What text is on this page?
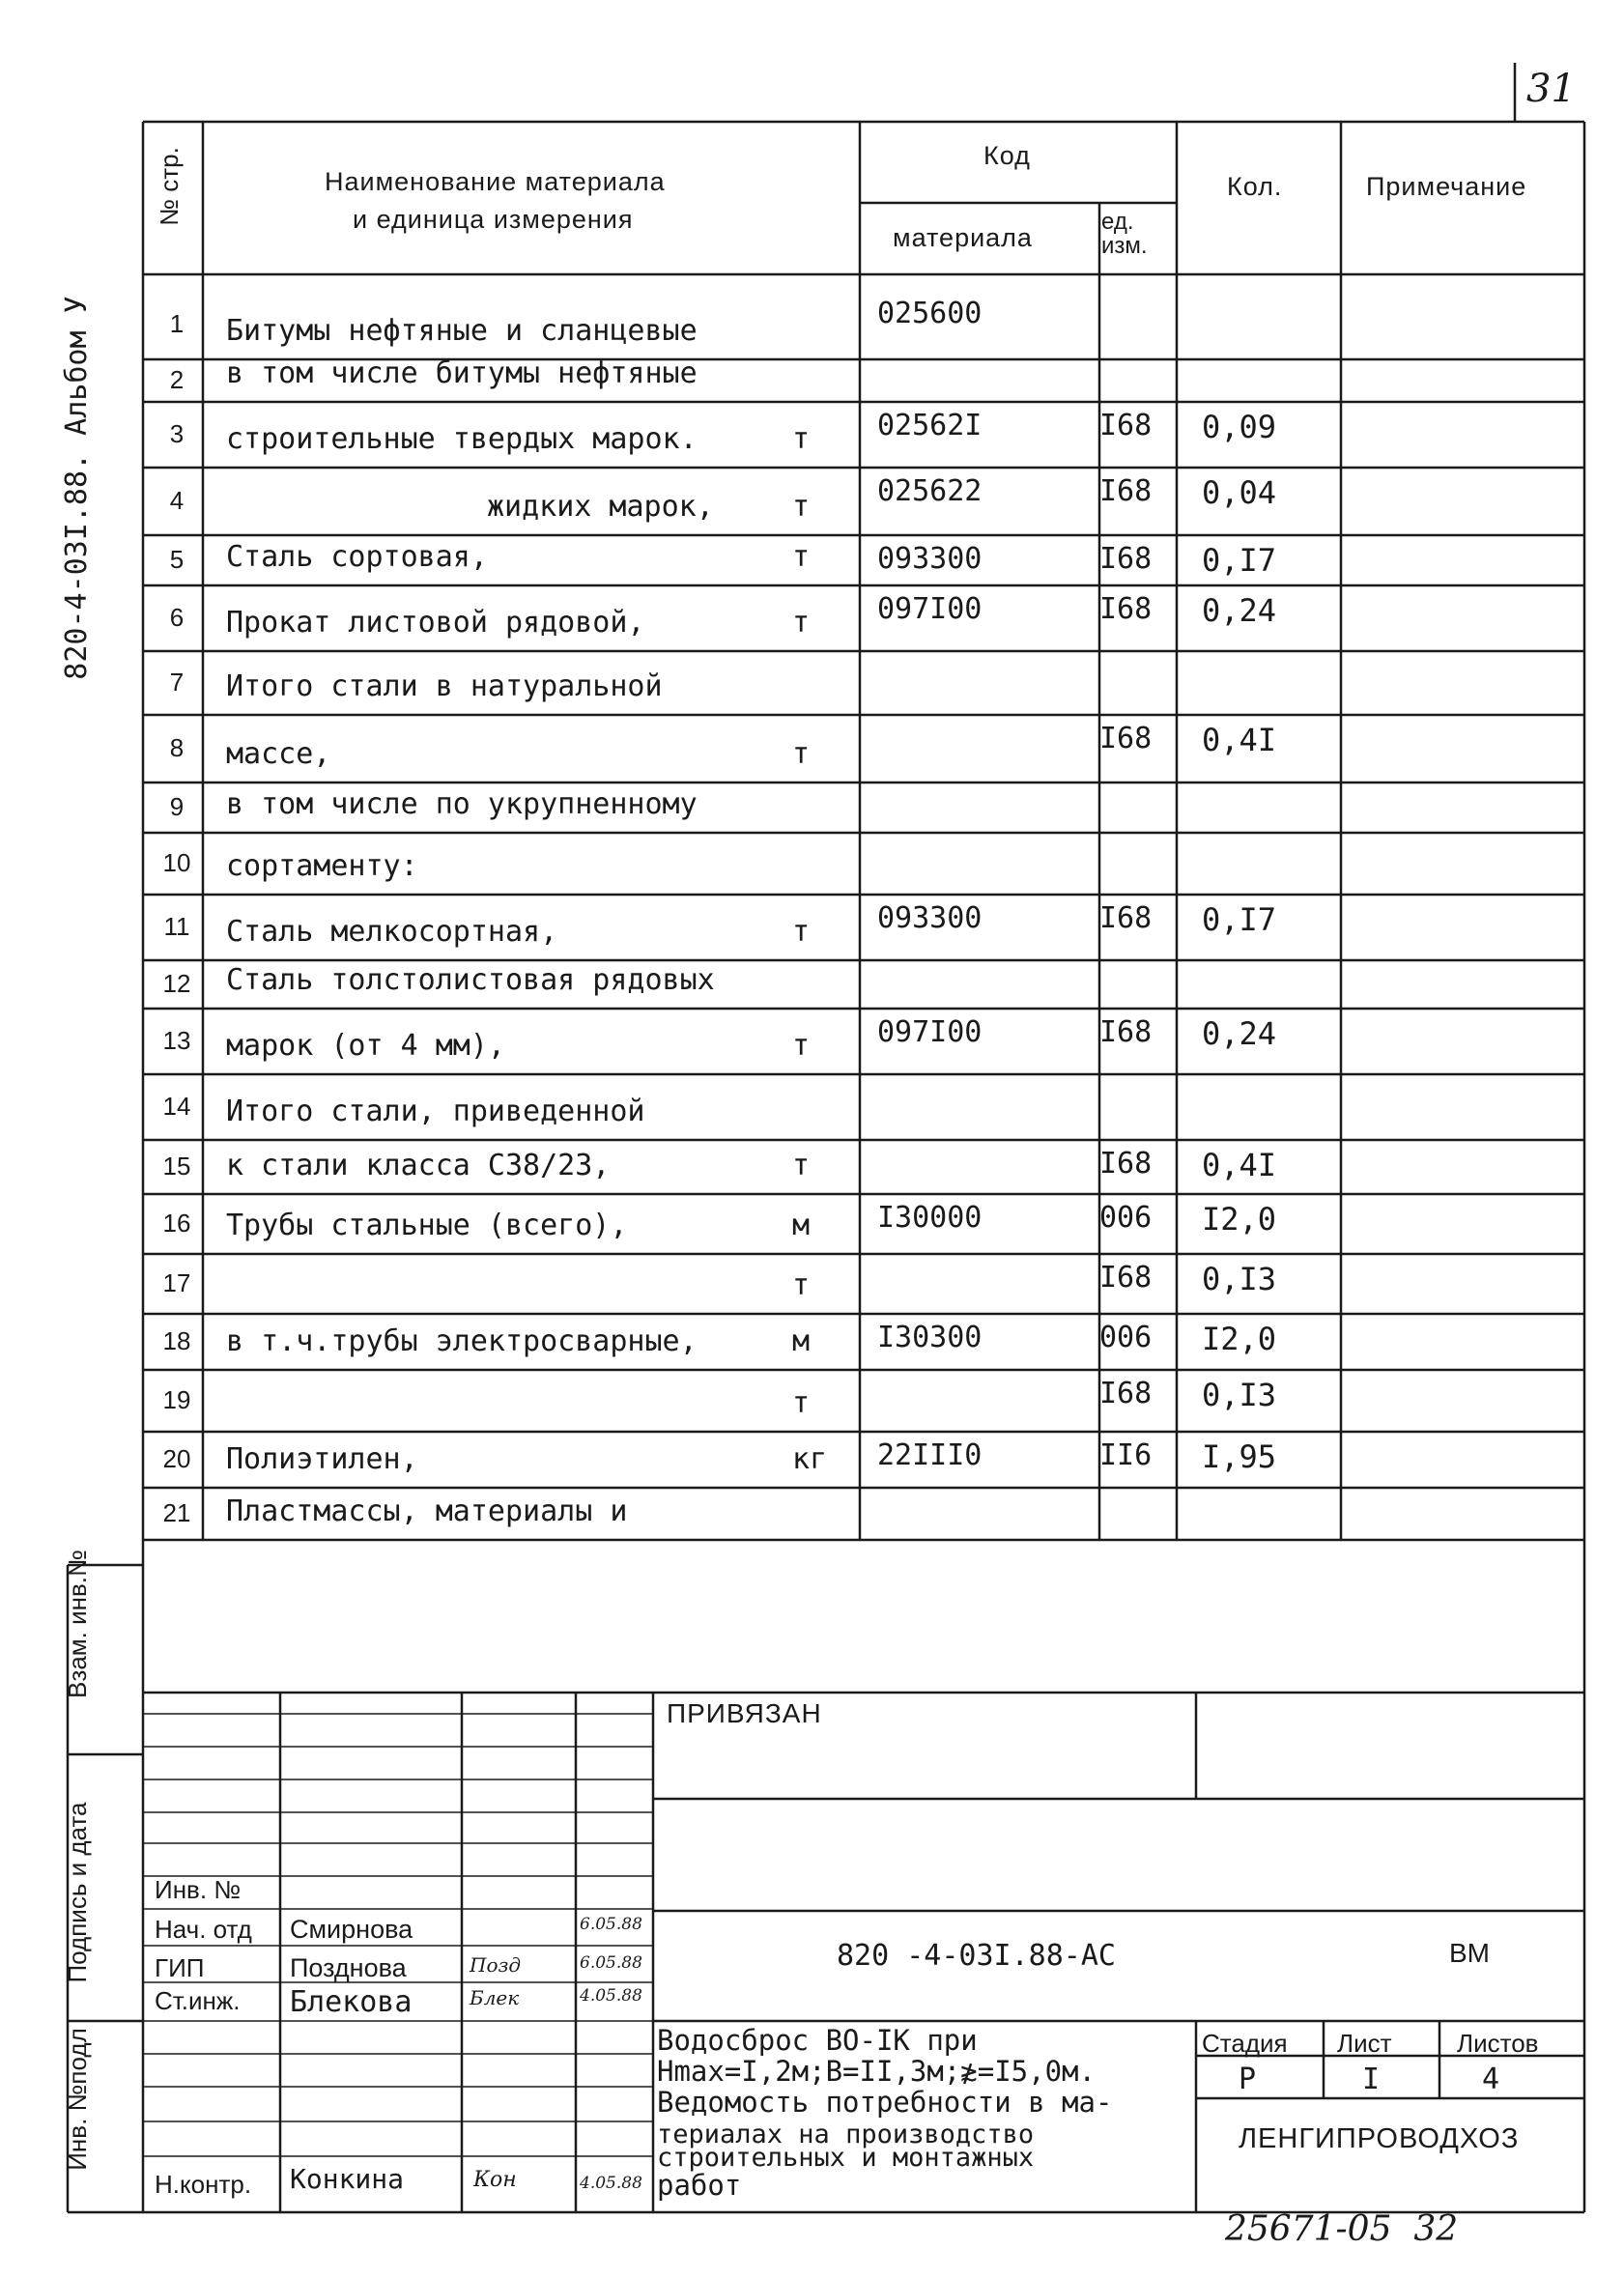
31
820-4-03I.88. Альбом У
№ стр.	Наименование материала
и единица измерения
Код
материала
ед.
изм.
Кол.	Примечание
1	Битумы нефтяные и сланцевые
025600
2	в том числе битумы нефтяные
3	строительные твердых марок.	т 02562I	I68 0,09
4	жидких марок,	т 025622	I68 0,04
5	Сталь сортовая,	т 093300	I68 0,I7
6	Прокат листовой рядовой,	т 097I00	I68 0,24
7	Итого стали в натуральной
8	массе,	т	I68 0,4I
9	в том числе по укрупненному
10 сортаменту:
11	Сталь мелкосортная,	т 093300	I68 0,I7
12 Сталь толстолистовая рядовых
13 марок (от 4 мм),	т 097I00	I68 0,24
14 Итого стали, приведенной
15 к стали класса С38/23,	т	I68 0,4I
16 Трубы стальные (всего),	м I30000	006 I2,0
17	т	I68 0,I3
18 в т.ч.трубы электросварные,	м I30300	006 I2,0
19	т	I68 0,I3
20 Полиэтилен,	кг 22III0	II6 I,95
21 Пластмассы, материалы и
Взам. инв.№
Подпись и дата
Инв. №подл
ПРИВЯЗАН
Инв. №
Нач. отд Смирнова	6.05.88
ГИП	Позднова	Позд	6.05.88
Ст.инж. Блекова	Блек	4.05.88
Н.контр. Конкина	Кон	4.05.88
820 -4-03I.88-АС	ВМ
Водосброс ВО-IК при
Hmax=I,2м;B=II,3м;≵=I5,0м.
Ведомость потребности в ма-
териалах на производство
строительных и монтажных
работ
Стадия Лист	Листов
Р	I	4
ЛЕНГИПРОВОДХОЗ
25671-05  32
